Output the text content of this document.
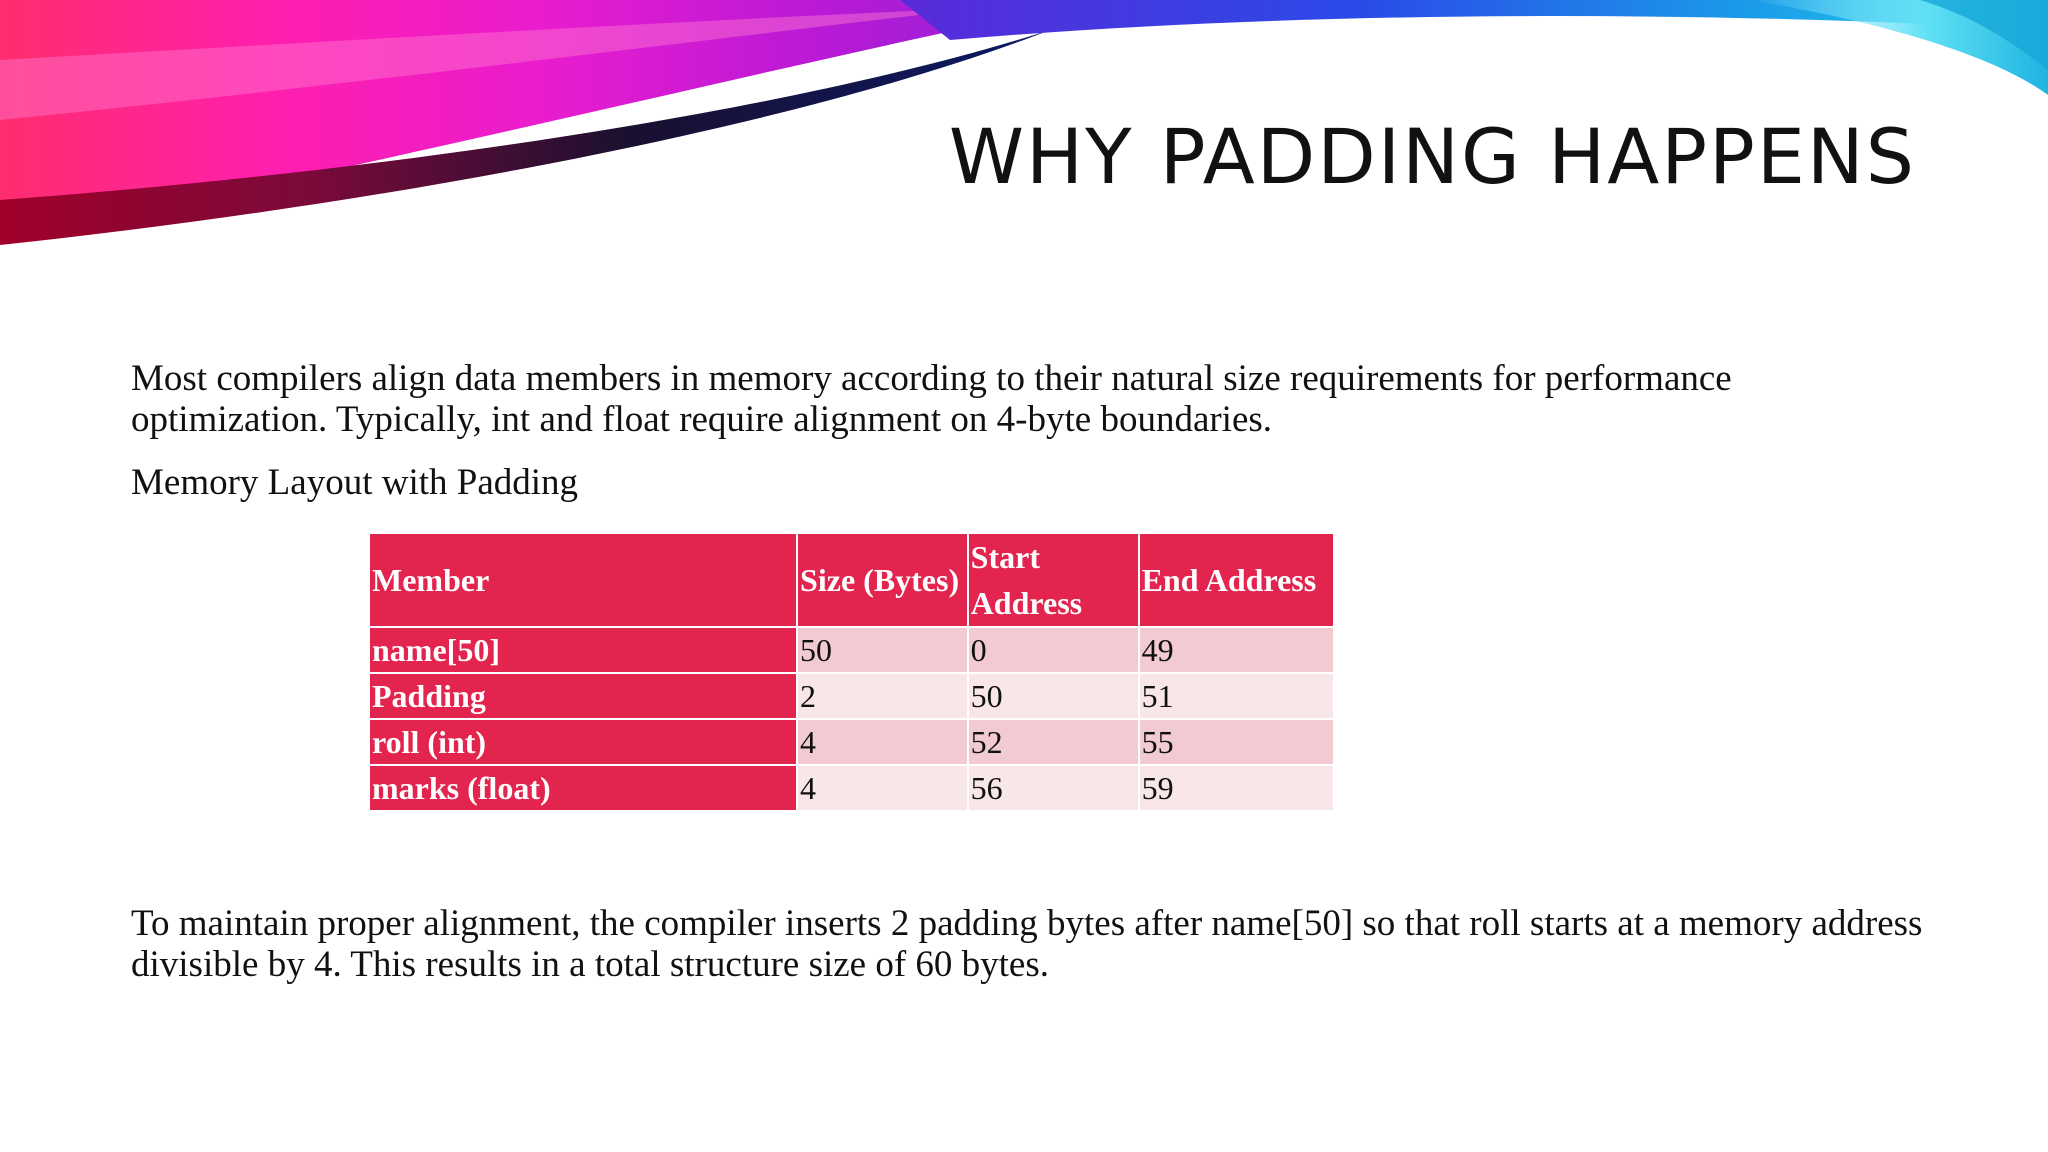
WHY PADDING HAPPENS

Most compilers align data members in memory according to their natural size requirements for performance optimization. Typically, int and float require alignment on 4-byte boundaries.

Memory Layout with Padding

Member	Size (Bytes)	Start Address	End Address
name[50]	50	0	49
Padding	2	50	51
roll (int)	4	52	55
marks (float)	4	56	59

To maintain proper alignment, the compiler inserts 2 padding bytes after name[50] so that roll starts at a memory address divisible by 4. This results in a total structure size of 60 bytes.
